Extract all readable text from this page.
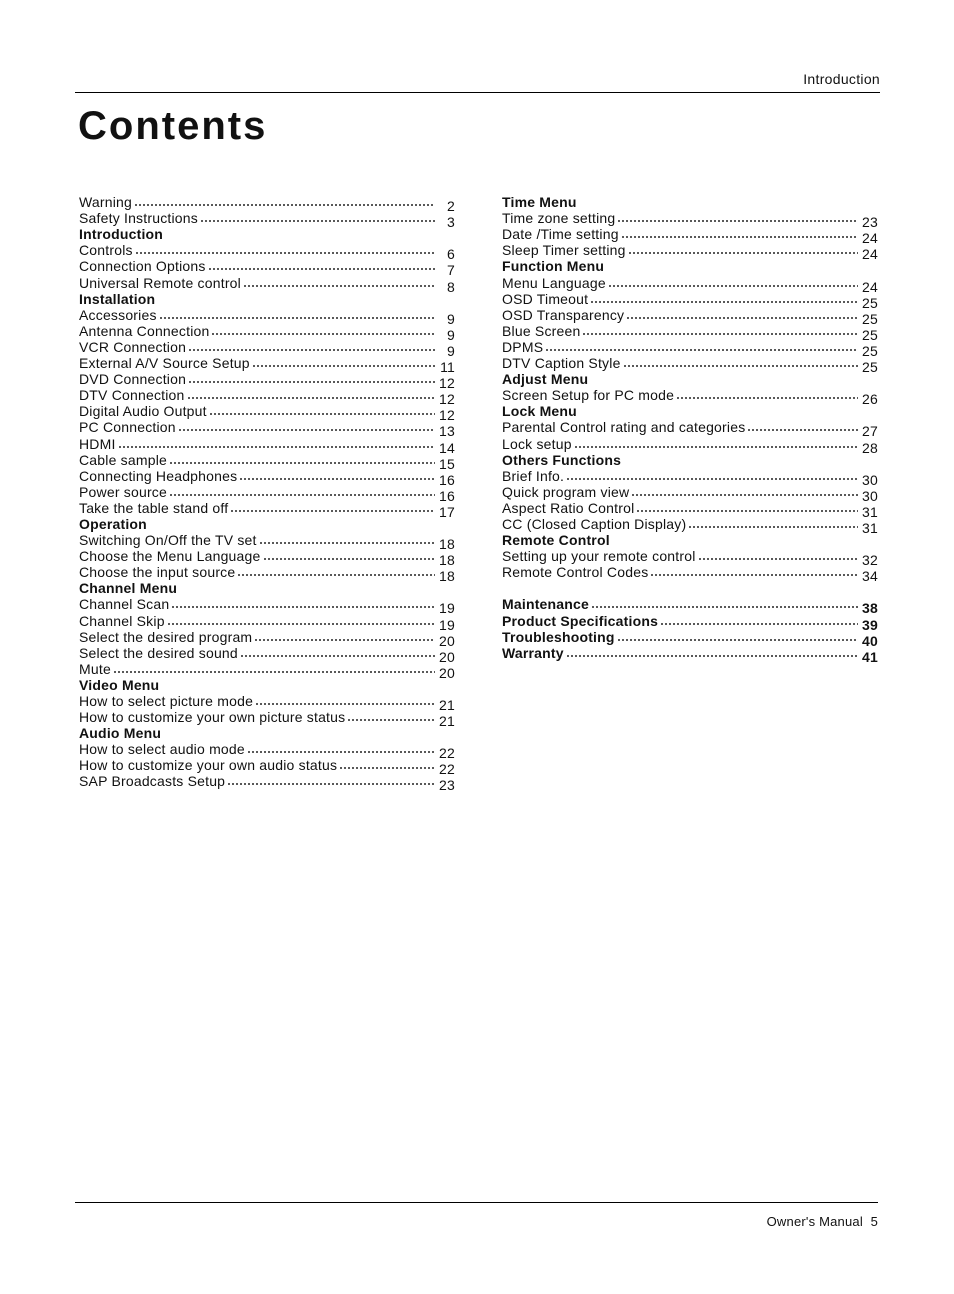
Introduction
Contents
Warning	2
Safety Instructions	3
Introduction
Controls	6
Connection Options	7
Universal Remote control	8
Installation
Accessories	9
Antenna Connection	9
VCR Connection	9
External A/V Source Setup	11
DVD Connection	12
DTV Connection	12
Digital Audio Output	12
PC Connection	13
HDMI	14
Cable sample	15
Connecting Headphones	16
Power source	16
Take the table stand off	17
Operation
Switching On/Off the TV set	18
Choose the Menu Language	18
Choose the input source	18
Channel Menu
Channel Scan	19
Channel Skip	19
Select the desired program	20
Select the desired sound	20
Mute	20
Video Menu
How to select picture mode	21
How to customize your own picture status	21
Audio Menu
How to select audio mode	22
How to customize your own audio status	22
SAP Broadcasts Setup	23
Time Menu
Time zone setting	23
Date /Time setting	24
Sleep Timer setting	24
Function Menu
Menu Language	24
OSD Timeout	25
OSD Transparency	25
Blue Screen	25
DPMS	25
DTV Caption Style	25
Adjust Menu
Screen Setup for PC mode	26
Lock Menu
Parental Control rating and categories	27
Lock setup	28
Others Functions
Brief Info.	30
Quick program view	30
Aspect Ratio Control	31
CC (Closed Caption Display)	31
Remote Control
Setting up your remote control	32
Remote Control Codes	34
Maintenance	38
Product Specifications	39
Troubleshooting	40
Warranty	41
Owner's Manual 5
